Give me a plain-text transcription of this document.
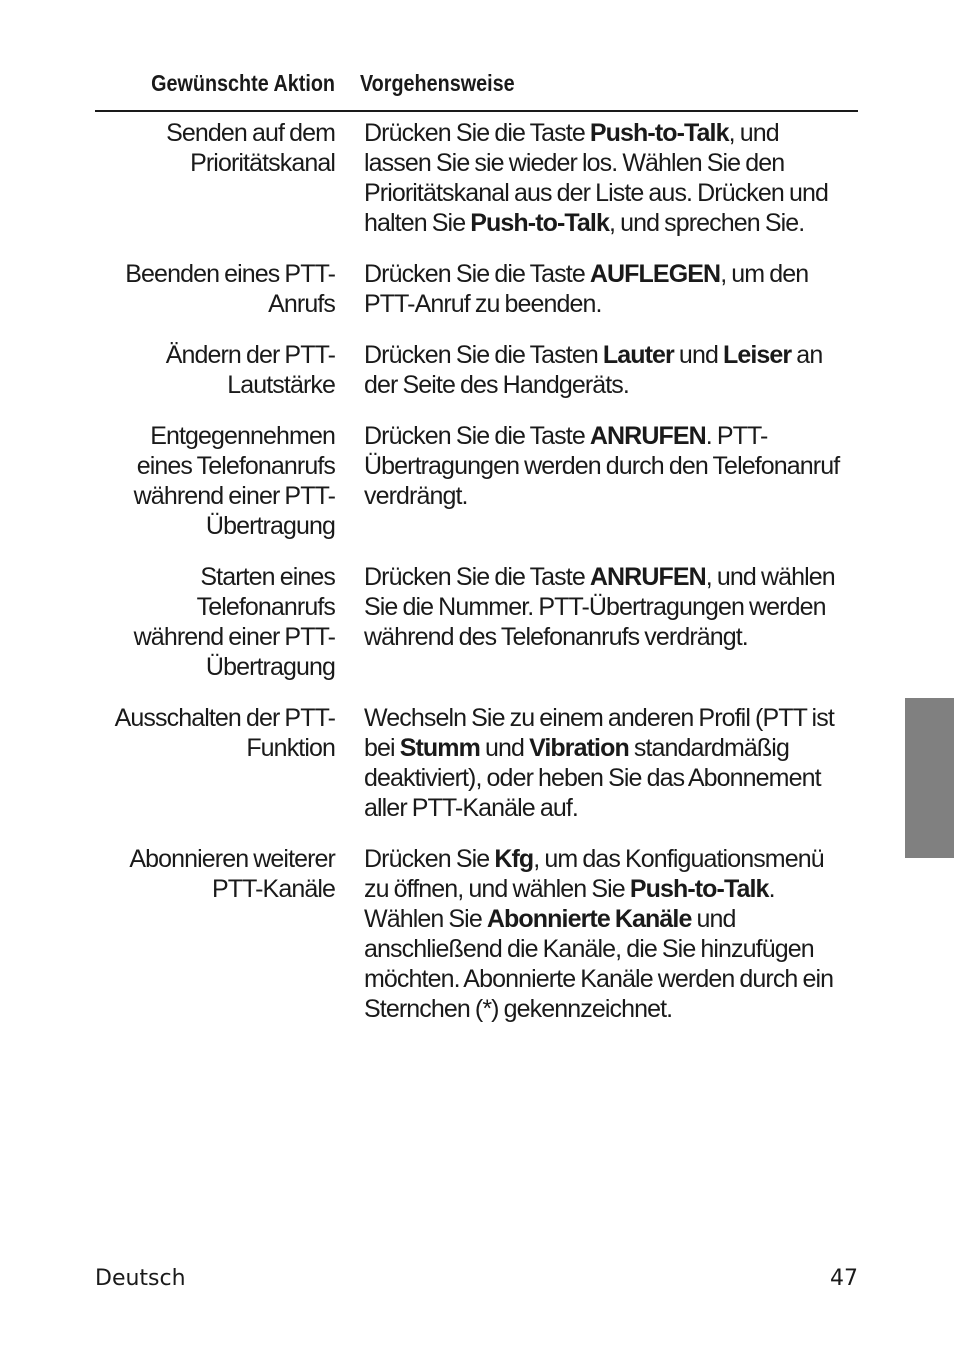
Gewünschte Aktion	Vorgehensweise
Senden auf dem
Prioritätskanal
Drücken Sie die Taste Push-to-Talk, und
lassen Sie sie wieder los. Wählen Sie den
Prioritätskanal aus der Liste aus. Drücken und
halten Sie Push-to-Talk, und sprechen Sie.
Beenden eines PTT-
Anrufs
Drücken Sie die Taste AUFLEGEN, um den
PTT-Anruf zu beenden.
Ändern der PTT-
Lautstärke
Drücken Sie die Tasten Lauter und Leiser an
der Seite des Handgeräts.
Entgegennehmen
eines Telefonanrufs
während einer PTT-
Übertragung
Drücken Sie die Taste ANRUFEN. PTT-
Übertragungen werden durch den Telefonanruf
verdrängt.
Starten eines
Telefonanrufs
während einer PTT-
Übertragung
Drücken Sie die Taste ANRUFEN, und wählen
Sie die Nummer. PTT-Übertragungen werden
während des Telefonanrufs verdrängt.
Ausschalten der PTT-
Funktion
Wechseln Sie zu einem anderen Profil (PTT ist
bei Stumm und Vibration standardmäßig
deaktiviert), oder heben Sie das Abonnement
aller PTT-Kanäle auf.
Abonnieren weiterer
PTT-Kanäle
Drücken Sie Kfg, um das Konfiguationsmenü
zu öffnen, und wählen Sie Push-to-Talk.
Wählen Sie Abonnierte Kanäle und
anschließend die Kanäle, die Sie hinzufügen
möchten. Abonnierte Kanäle werden durch ein
Sternchen (*) gekennzeichnet.
Deutsch	47
